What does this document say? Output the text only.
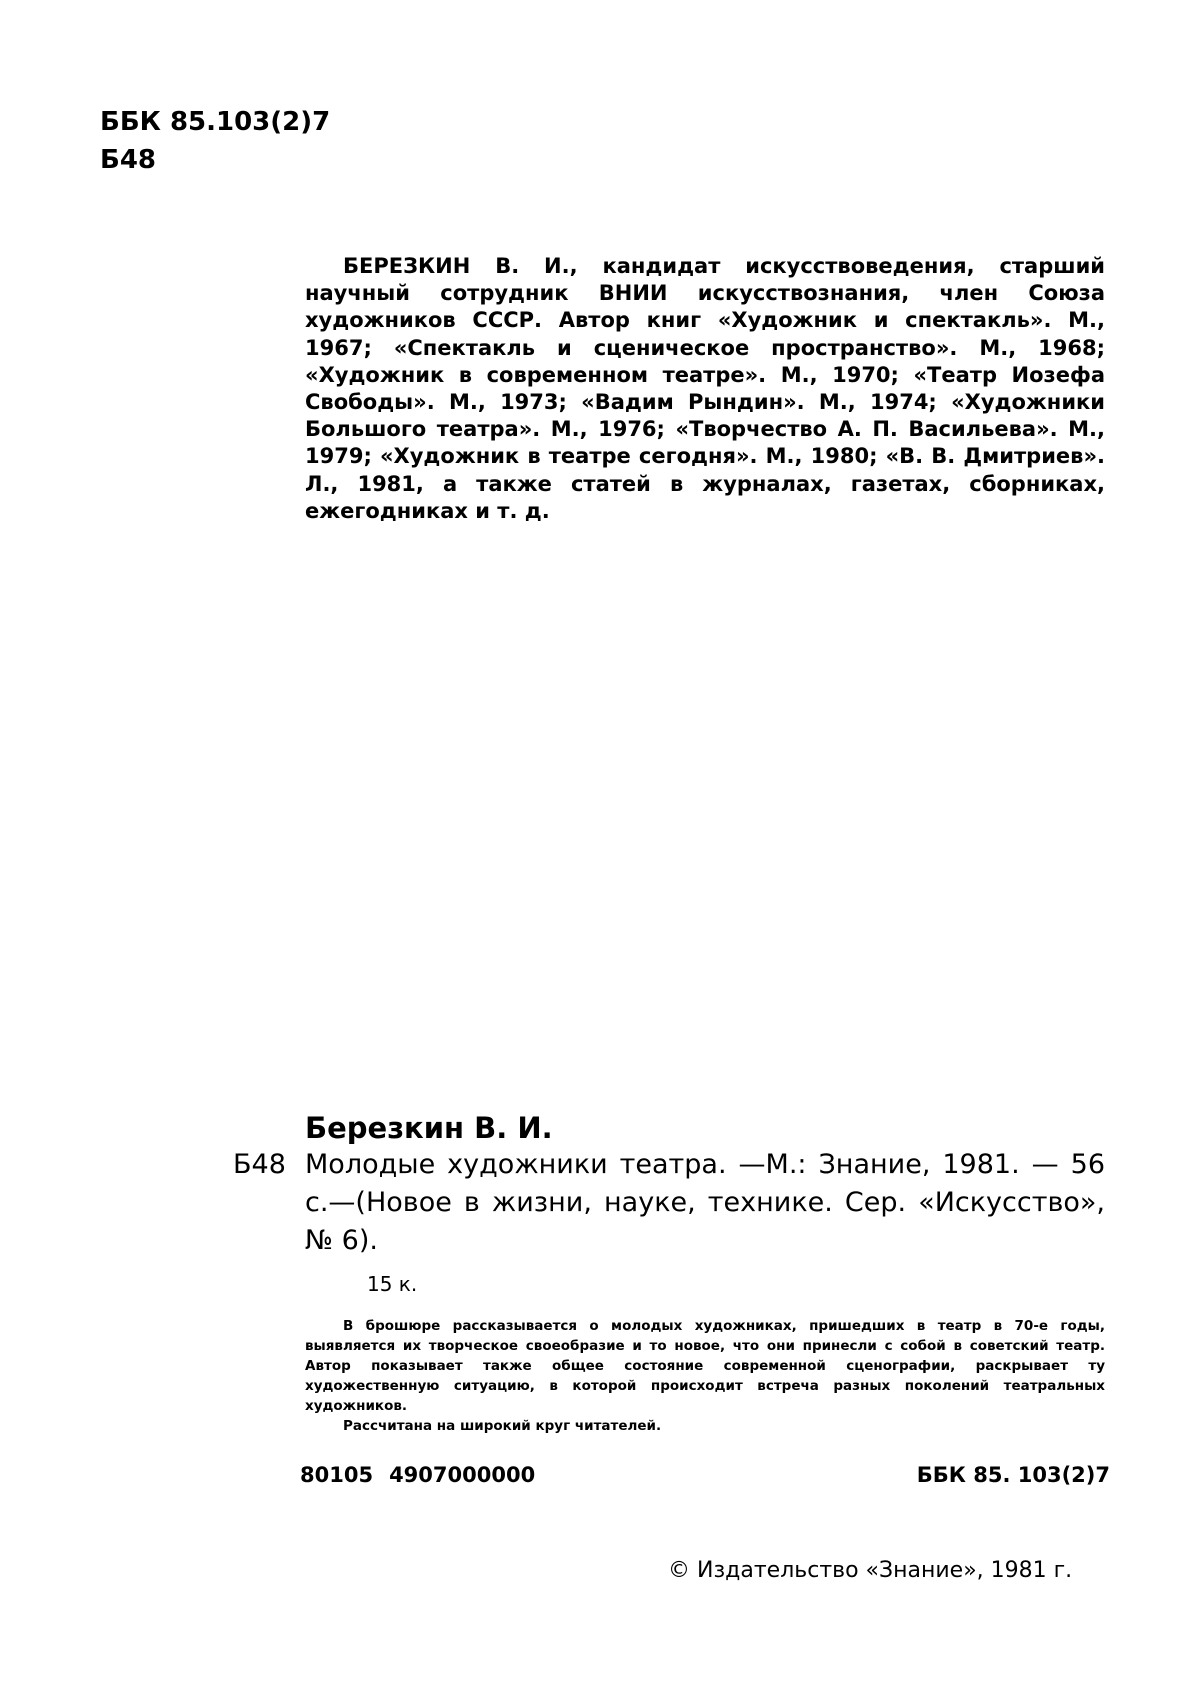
ББК 85.103(2)7
Б48

БЕРЕЗКИН В. И., кандидат искусствоведения, старший научный сотрудник ВНИИ искусствознания, член Союза художников СССР. Автор книг «Художник и спектакль». М., 1967; «Спектакль и сценическое пространство». М., 1968; «Художник в современном театре». М., 1970; «Театр Иозефа Свободы». М., 1973; «Вадим Рындин». М., 1974; «Художники Большого театра». М., 1976; «Творчество А. П. Васильева». М., 1979; «Художник в театре сегодня». М., 1980; «В. В. Дмитриев». Л., 1981, а также статей в журналах, газетах, сборниках, ежегодниках и т. д.

Березкин В. И.
Б48 Молодые художники театра. —М.: Знание, 1981. — 56 с.—(Новое в жизни, науке, технике. Сер. «Искусство», № 6).

15 к.

В брошюре рассказывается о молодых художниках, пришедших в театр в 70-е годы, выявляется их творческое своеобразие и то новое, что они принесли с собой в советский театр. Автор показывает также общее состояние современной сценографии, раскрывает ту художественную ситуацию, в которой происходит встреча разных поколений театральных художников.

Рассчитана на широкий круг читателей.

80105 4907000000	ББК 85. 103(2)7
© Издательство «Знание», 1981 г.
